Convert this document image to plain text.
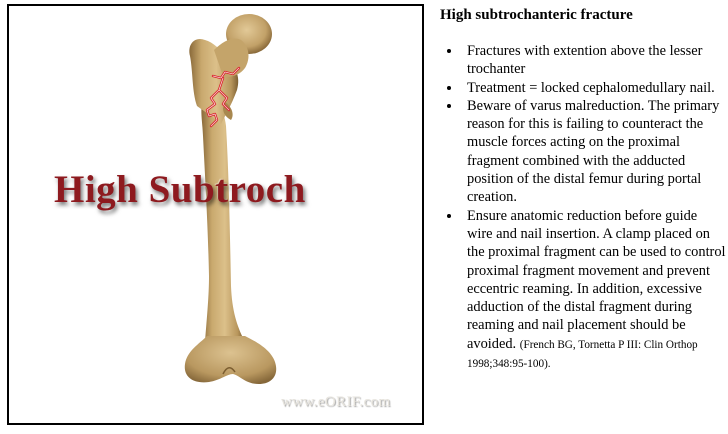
High Subtroch
www.eORIF.com

High subtrochanteric fracture

• Fractures with extention above the lesser trochanter
• Treatment = locked cephalomedullary nail.
• Beware of varus malreduction. The primary reason for this is failing to counteract the muscle forces acting on the proximal fragment combined with the adducted position of the distal femur during portal creation.
• Ensure anatomic reduction before guide wire and nail insertion. A clamp placed on the proximal fragment can be used to control proximal fragment movement and prevent eccentric reaming. In addition, excessive adduction of the distal fragment during reaming and nail placement should be avoided. (French BG, Tornetta P III: Clin Orthop 1998;348:95-100).
